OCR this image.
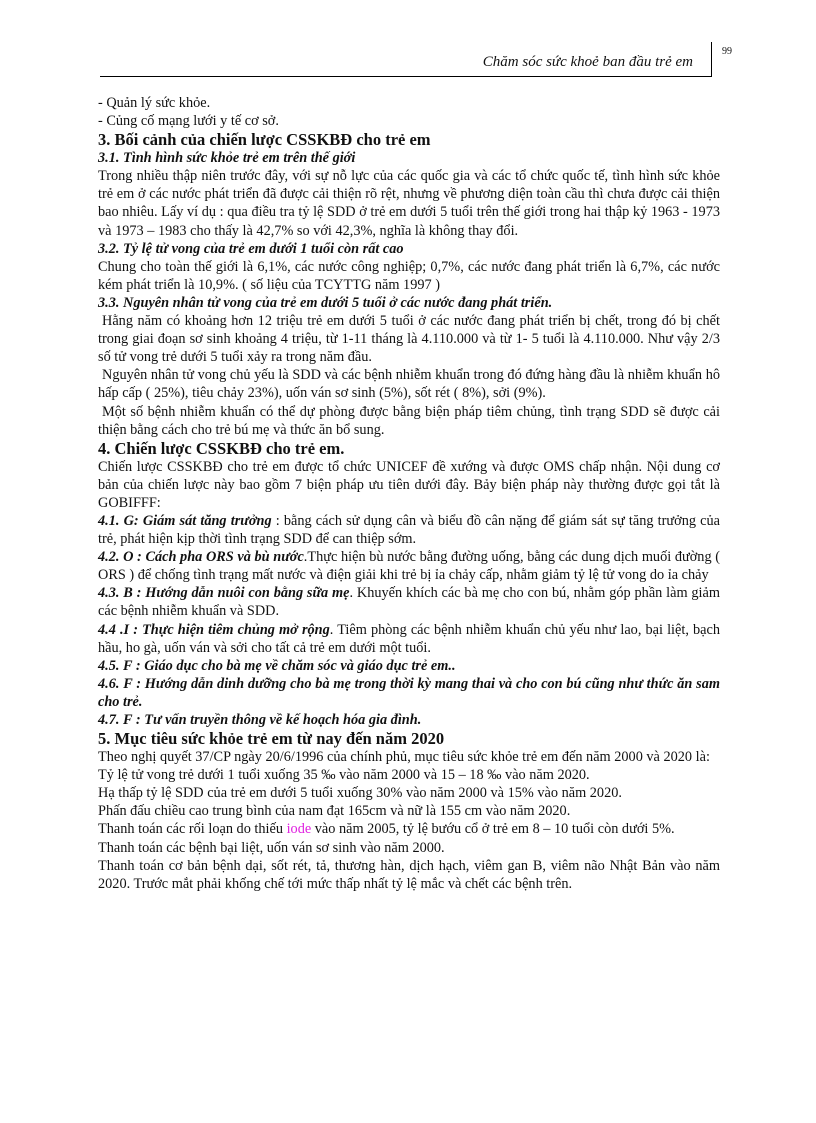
Chăm sóc sức khoẻ ban đầu trẻ em
99

- Quản lý sức khỏe.

- Củng cố mạng lưới y tế cơ sở.

3. Bối cảnh của chiến lược CSSKBĐ cho trẻ em

3.1. Tình hình sức khỏe trẻ em trên thế giới

Trong nhiều thập niên trước đây, với sự nỗ lực của các quốc gia và các tổ chức quốc tế, tình hình sức khỏe trẻ em ở các nước phát triển đã được cải thiện rõ rệt, nhưng về phương diện toàn cầu thì chưa được cải thiện bao nhiêu. Lấy ví dụ : qua điều tra tỷ lệ SDD ở trẻ em dưới 5 tuổi trên thế giới trong hai thập kỷ 1963 - 1973 và 1973 – 1983 cho thấy là 42,7% so với 42,3%, nghĩa là không thay đổi.

3.2. Tỷ lệ tử vong của trẻ em dưới 1 tuổi còn rất cao

Chung cho toàn thế giới là 6,1%, các nước công nghiệp; 0,7%, các nước đang phát triển là 6,7%, các nước kém phát triển là 10,9%. ( số liệu của TCYTTG năm 1997 )

3.3. Nguyên nhân tử vong của trẻ em dưới 5 tuổi ở các nước đang phát triển.

Hằng năm có khoảng hơn 12 triệu trẻ em dưới 5 tuổi ở các nước đang phát triển bị chết, trong đó bị chết trong giai đoạn sơ sinh khoảng 4 triệu, từ 1-11 tháng là 4.110.000 và từ 1- 5 tuổi là 4.110.000. Như vậy 2/3 số tử vong trẻ dưới 5 tuổi xảy ra trong năm đầu.

Nguyên nhân tử vong chủ yếu là SDD và các bệnh nhiễm khuẩn trong đó đứng hàng đầu là nhiễm khuẩn hô hấp cấp ( 25%), tiêu chảy 23%), uốn ván sơ sinh (5%), sốt rét ( 8%), sởi (9%).

Một số bệnh nhiễm khuẩn có thể dự phòng được bằng biện pháp tiêm chủng, tình trạng SDD sẽ được cải thiện bằng cách cho trẻ bú mẹ và thức ăn bổ sung.

4. Chiến lược CSSKBĐ cho trẻ em.

Chiến lược CSSKBĐ cho trẻ em được tổ chức UNICEF đề xướng và được OMS chấp nhận. Nội dung cơ bản của chiến lược này bao gồm 7 biện pháp ưu tiên dưới đây. Bảy biện pháp này thường được gọi tắt là GOBIFFF:

4.1. G: Giám sát tăng trưởng : bằng cách sử dụng cân và biểu đồ cân nặng để giám sát sự tăng trưởng của trẻ, phát hiện kịp thời tình trạng SDD để can thiệp sớm.

4.2. O : Cách pha ORS và bù nước.Thực hiện bù nước bằng đường uống, bằng các dung dịch muối đường ( ORS ) để chống tình trạng mất nước và điện giải khi trẻ bị ỉa chảy cấp, nhằm giảm tỷ lệ tử vong do ỉa chảy

4.3. B : Hướng dẫn nuôi con bằng sữa mẹ. Khuyến khích các bà mẹ cho con bú, nhằm góp phần làm giảm các bệnh nhiễm khuẩn và SDD.

4.4 .I : Thực hiện tiêm chủng mở rộng. Tiêm phòng các bệnh nhiễm khuẩn chủ yếu như lao, bại liệt, bạch hầu, ho gà, uốn ván và sởi cho tất cả trẻ em dưới một tuổi.

4.5. F : Giáo dục cho bà mẹ về chăm sóc và giáo dục trẻ em..

4.6. F : Hướng dẫn dinh dưỡng cho bà mẹ trong thời kỳ mang thai và cho con bú cũng như thức ăn sam cho trẻ.

4.7. F : Tư vấn truyền thông về kế hoạch hóa gia đình.

5. Mục tiêu sức khỏe trẻ em từ nay đến năm 2020

Theo nghị quyết 37/CP ngày 20/6/1996 của chính phủ, mục tiêu sức khỏe trẻ em đến năm 2000 và 2020 là:

Tỷ lệ tử vong trẻ dưới 1 tuổi xuống 35 ‰ vào năm 2000 và 15 – 18 ‰ vào năm 2020.

Hạ thấp tỷ lệ SDD của trẻ em dưới 5 tuổi xuống 30% vào năm 2000 và 15% vào năm 2020.

Phấn đấu chiều cao trung bình của nam đạt 165cm và nữ là 155 cm vào năm 2020.

Thanh toán các rối loạn do thiếu iode vào năm 2005, tỷ lệ bướu cổ ở trẻ em 8 – 10 tuổi còn dưới 5%.

Thanh toán các bệnh bại liệt, uốn ván sơ sinh vào năm 2000.

Thanh toán cơ bản bệnh dại, sốt rét, tả, thương hàn, dịch hạch, viêm gan B, viêm não Nhật Bản vào năm 2020. Trước mắt phải khống chế tới mức thấp nhất tỷ lệ mắc và chết các bệnh trên.
